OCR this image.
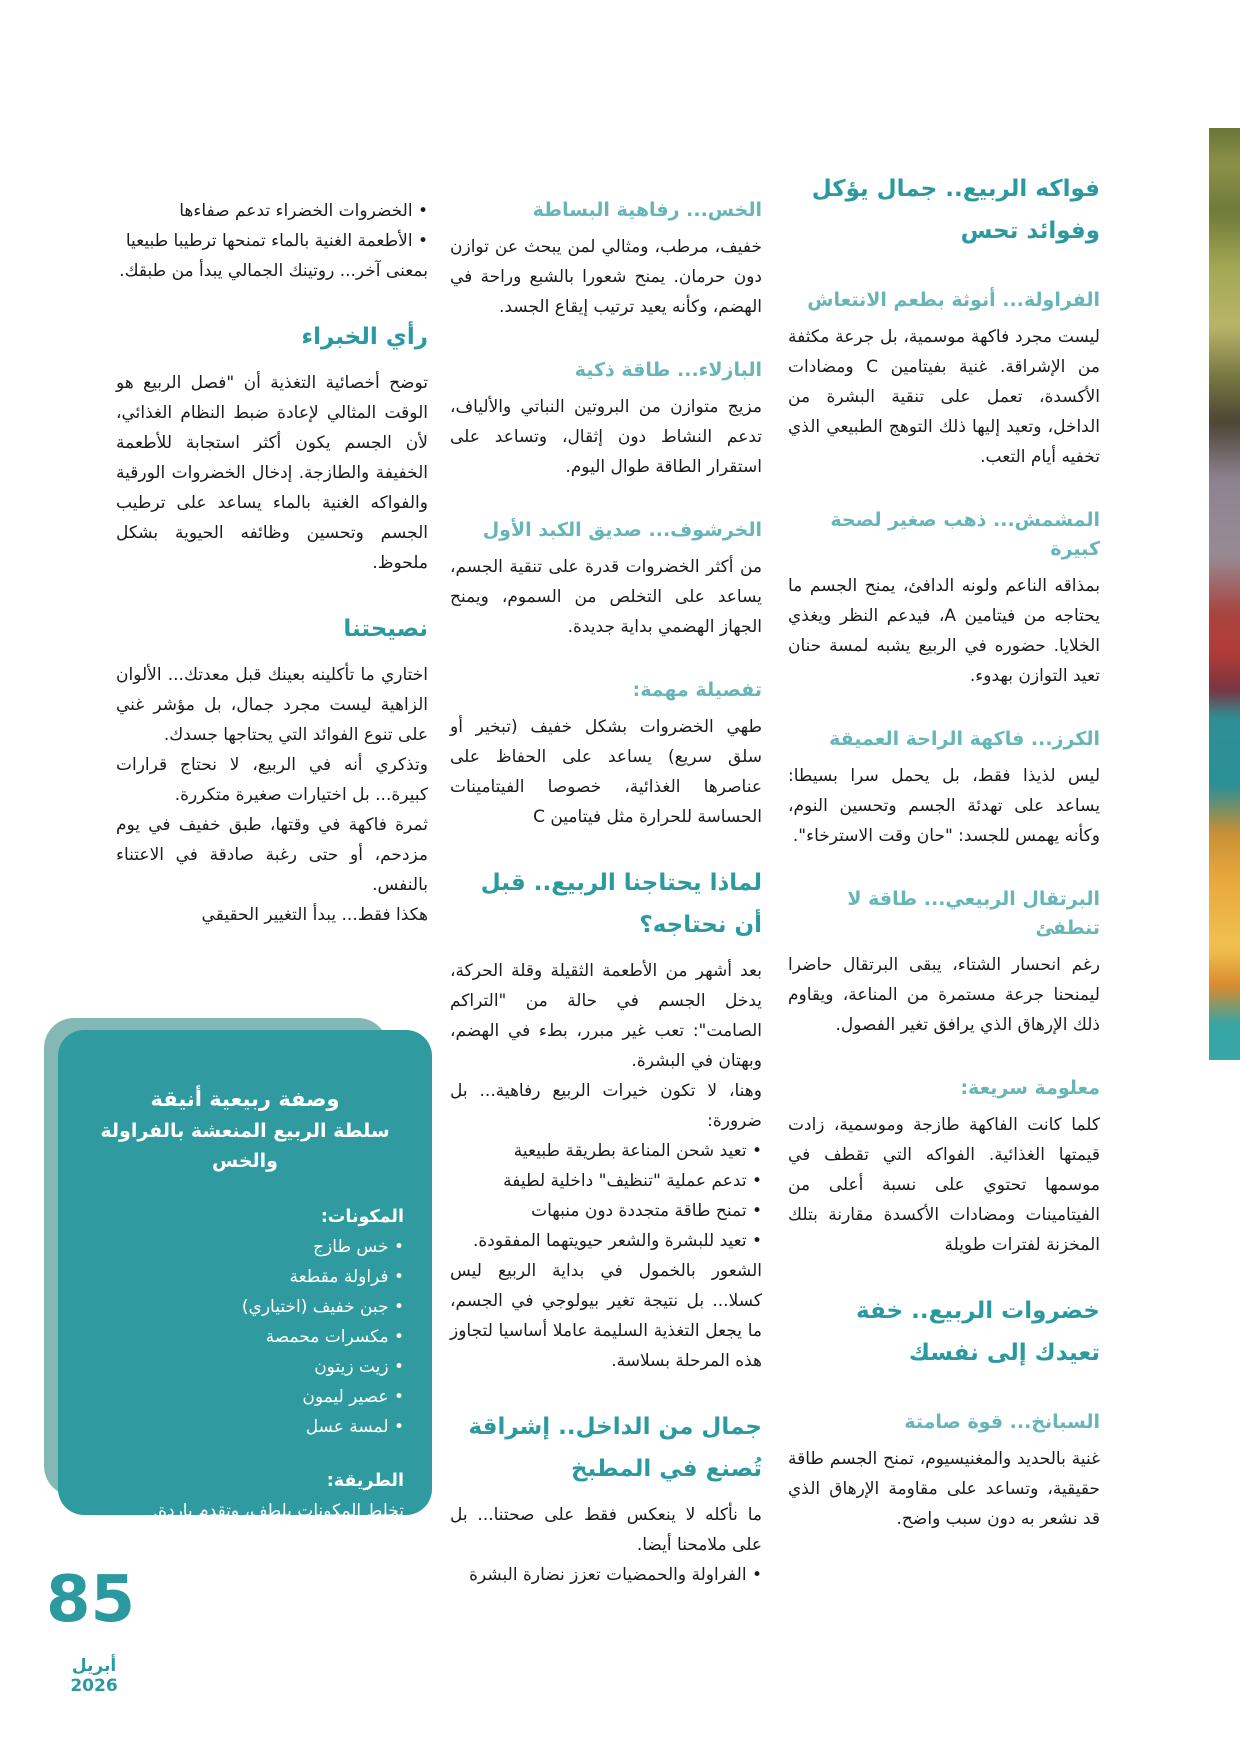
فواكه الربيع.. جمال يؤكل وفوائد تحس
الفراولة... أنوثة بطعم الانتعاش
ليست مجرد فاكهة موسمية، بل جرعة مكثفة من الإشراقة. غنية بفيتامين C ومضادات الأكسدة، تعمل على تنقية البشرة من الداخل، وتعيد إليها ذلك التوهج الطبيعي الذي تخفيه أيام التعب.
المشمش... ذهب صغير لصحة كبيرة
بمذاقه الناعم ولونه الدافئ، يمنح الجسم ما يحتاجه من فيتامين A، فيدعم النظر ويغذي الخلايا. حضوره في الربيع يشبه لمسة حنان تعيد التوازن بهدوء.
الكرز... فاكهة الراحة العميقة
ليس لذيذا فقط، بل يحمل سرا بسيطا: يساعد على تهدئة الجسم وتحسين النوم، وكأنه يهمس للجسد: "حان وقت الاسترخاء".
البرتقال الربيعي... طاقة لا تنطفئ
رغم انحسار الشتاء، يبقى البرتقال حاضرا ليمنحنا جرعة مستمرة من المناعة، ويقاوم ذلك الإرهاق الذي يرافق تغير الفصول.
معلومة سريعة:
كلما كانت الفاكهة طازجة وموسمية، زادت قيمتها الغذائية. الفواكه التي تقطف في موسمها تحتوي على نسبة أعلى من الفيتامينات ومضادات الأكسدة مقارنة بتلك المخزنة لفترات طويلة
خضروات الربيع.. خفة تعيدك إلى نفسك
السبانخ... قوة صامتة
غنية بالحديد والمغنيسيوم، تمنح الجسم طاقة حقيقية، وتساعد على مقاومة الإرهاق الذي قد نشعر به دون سبب واضح.
الخس... رفاهية البساطة
خفيف، مرطب، ومثالي لمن يبحث عن توازن دون حرمان. يمنح شعورا بالشبع وراحة في الهضم، وكأنه يعيد ترتيب إيقاع الجسد.
البازلاء... طاقة ذكية
مزيج متوازن من البروتين النباتي والألياف، تدعم النشاط دون إثقال، وتساعد على استقرار الطاقة طوال اليوم.
الخرشوف... صديق الكبد الأول
من أكثر الخضروات قدرة على تنقية الجسم، يساعد على التخلص من السموم، ويمنح الجهاز الهضمي بداية جديدة.
تفصيلة مهمة:
طهي الخضروات بشكل خفيف (تبخير أو سلق سريع) يساعد على الحفاظ على عناصرها الغذائية، خصوصا الفيتامينات الحساسة للحرارة مثل فيتامين C
لماذا يحتاجنا الربيع.. قبل أن نحتاجه؟
بعد أشهر من الأطعمة الثقيلة وقلة الحركة، يدخل الجسم في حالة من "التراكم الصامت": تعب غير مبرر، بطء في الهضم، وبهتان في البشرة.
وهنا، لا تكون خيرات الربيع رفاهية... بل ضرورة:
• تعيد شحن المناعة بطريقة طبيعية
• تدعم عملية "تنظيف" داخلية لطيفة
• تمنح طاقة متجددة دون منبهات
• تعيد للبشرة والشعر حيويتهما المفقودة.
الشعور بالخمول في بداية الربيع ليس كسلا... بل نتيجة تغير بيولوجي في الجسم، ما يجعل التغذية السليمة عاملا أساسيا لتجاوز هذه المرحلة بسلاسة.
جمال من الداخل.. إشراقة تُصنع في المطبخ
ما نأكله لا ينعكس فقط على صحتنا... بل على ملامحنا أيضا.
• الفراولة والحمضيات تعزز نضارة البشرة
• الخضروات الخضراء تدعم صفاءها
• الأطعمة الغنية بالماء تمنحها ترطيبا طبيعيا
بمعنى آخر... روتينك الجمالي يبدأ من طبقك.
رأي الخبراء
توضح أخصائية التغذية أن "فصل الربيع هو الوقت المثالي لإعادة ضبط النظام الغذائي، لأن الجسم يكون أكثر استجابة للأطعمة الخفيفة والطازجة. إدخال الخضروات الورقية والفواكه الغنية بالماء يساعد على ترطيب الجسم وتحسين وظائفه الحيوية بشكل ملحوظ.
نصيحتنا
اختاري ما تأكلينه بعينك قبل معدتك... الألوان الزاهية ليست مجرد جمال، بل مؤشر غني على تنوع الفوائد التي يحتاجها جسدك.
وتذكري أنه في الربيع، لا نحتاج قرارات كبيرة... بل اختيارات صغيرة متكررة.
ثمرة فاكهة في وقتها، طبق خفيف في يوم مزدحم، أو حتى رغبة صادقة في الاعتناء بالنفس.
هكذا فقط... يبدأ التغيير الحقيقي
وصفة ربيعية أنيقة
سلطة الربيع المنعشة بالفراولة والخس
المكونات:
• خس طازج
• فراولة مقطعة
• جبن خفيف (اختياري)
• مكسرات محمصة
• زيت زيتون
• عصير ليمون
• لمسة عسل
الطريقة:
تخلط المكونات بلطف، وتقدم باردة.
وجبة خفيفة، أنيقة، ومثالية لأيام الربيع
85
أبريل 2026
